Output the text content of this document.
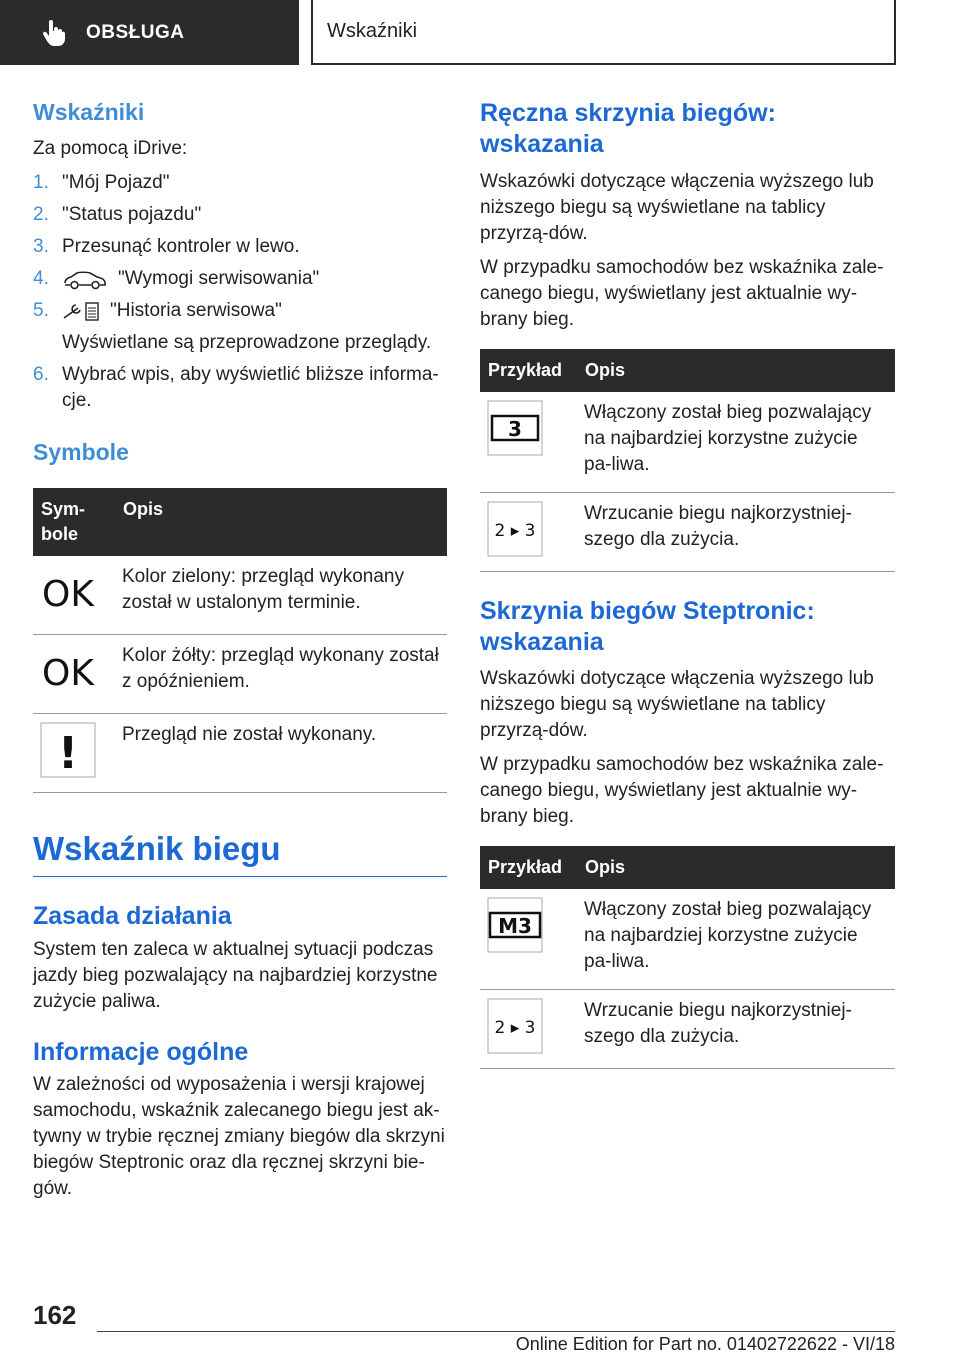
OBSŁUGA	Wskaźniki
Wskaźniki
Za pomocą iDrive:
1. "Mój Pojazd"
2. "Status pojazdu"
3. Przesunąć kontroler w lewo.
4.	"Wymogi serwisowania"
5.	"Historia serwisowa"
Wyświetlane są przeprowadzone przeglądy.
6. Wybrać wpis, aby wyświetlić bliższe informa-cje.
Symbole
Sym-bole	Opis

OK	Kolor zielony: przegląd wykonany został w ustalonym terminie.

OK	Kolor żółty: przegląd wykonany został z opóźnieniem.

!	Przegląd nie został wykonany.
Wskaźnik biegu
Zasada działania
System ten zaleca w aktualnej sytuacji podczas jazdy bieg pozwalający na najbardziej korzystne zużycie paliwa.
Informacje ogólne
W zależności od wyposażenia i wersji krajowej samochodu, wskaźnik zalecanego biegu jest ak-tywny w trybie ręcznej zmiany biegów dla skrzyni biegów Steptronic oraz dla ręcznej skrzyni bie-gów.
Ręczna skrzynia biegów: wskazania
Wskazówki dotyczące włączenia wyższego lub niższego biegu są wyświetlane na tablicy przyrzą-dów.
W przypadku samochodów bez wskaźnika zale-canego biegu, wyświetlany jest aktualnie wy-brany bieg.
Przykład	Opis

3	Włączony został bieg pozwalający na najbardziej korzystne zużycie pa-liwa.

2 ▸ 3	Wrzucanie biegu najkorzystniej-szego dla zużycia.
Skrzynia biegów Steptronic: wskazania
Wskazówki dotyczące włączenia wyższego lub niższego biegu są wyświetlane na tablicy przyrzą-dów.
W przypadku samochodów bez wskaźnika zale-canego biegu, wyświetlany jest aktualnie wy-brany bieg.
Przykład	Opis

M3	Włączony został bieg pozwalający na najbardziej korzystne zużycie pa-liwa.

2 ▸ 3	Wrzucanie biegu najkorzystniej-szego dla zużycia.
162
Online Edition for Part no. 01402722622 - VI/18
